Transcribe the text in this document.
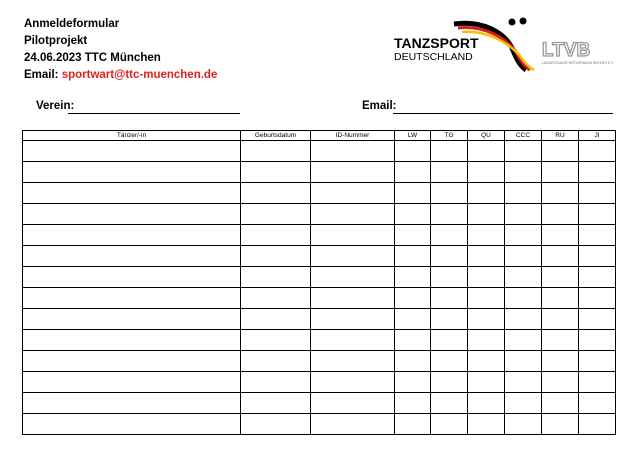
Anmeldeformular
Pilotprojekt
24.06.2023 TTC München
Email: sportwart@ttc-muenchen.de
TANZSPORT
DEUTSCHLAND	LTVB
LANDESTANZSPORTVERBAND BAYERN E.V.
Verein:	Email:
Tänzer/-in	Geburtsdatum	ID-Nummer	LW	TG	QU	CCC	RU	JI
